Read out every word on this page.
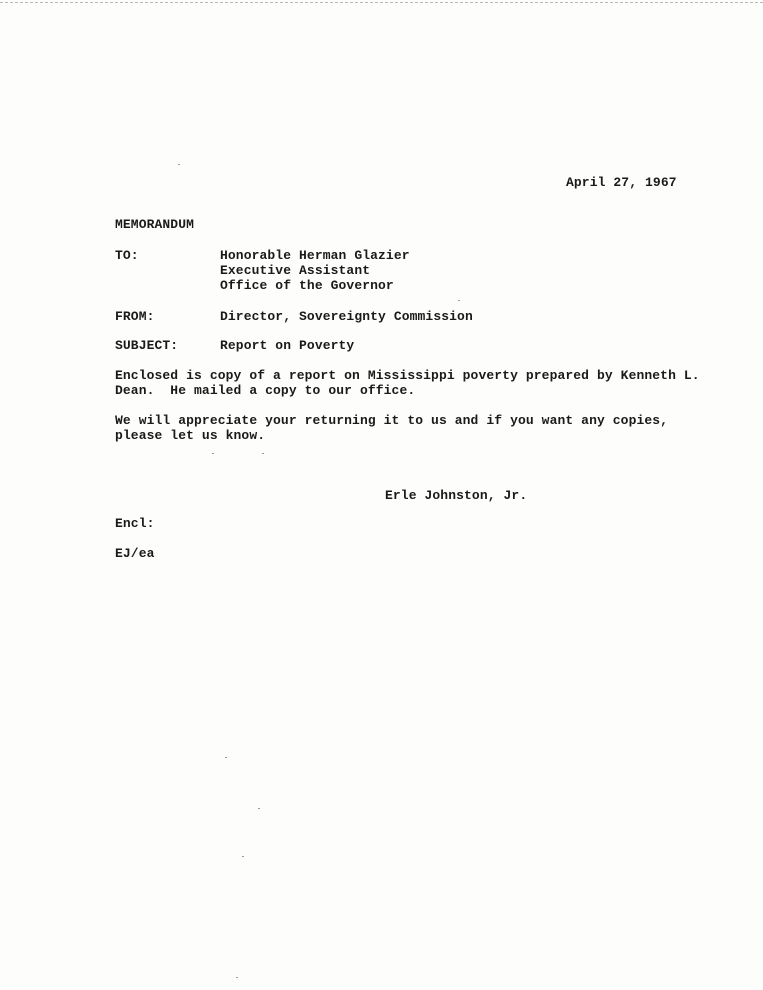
April 27, 1967
MEMORANDUM
TO:	Honorable Herman Glazier
Executive Assistant
Office of the Governor
FROM:	Director, Sovereignty Commission
SUBJECT:	Report on Poverty
Enclosed is copy of a report on Mississippi poverty prepared by Kenneth L.
Dean.  He mailed a copy to our office.
We will appreciate your returning it to us and if you want any copies,
please let us know.
Erle Johnston, Jr.
Encl:
EJ/ea
